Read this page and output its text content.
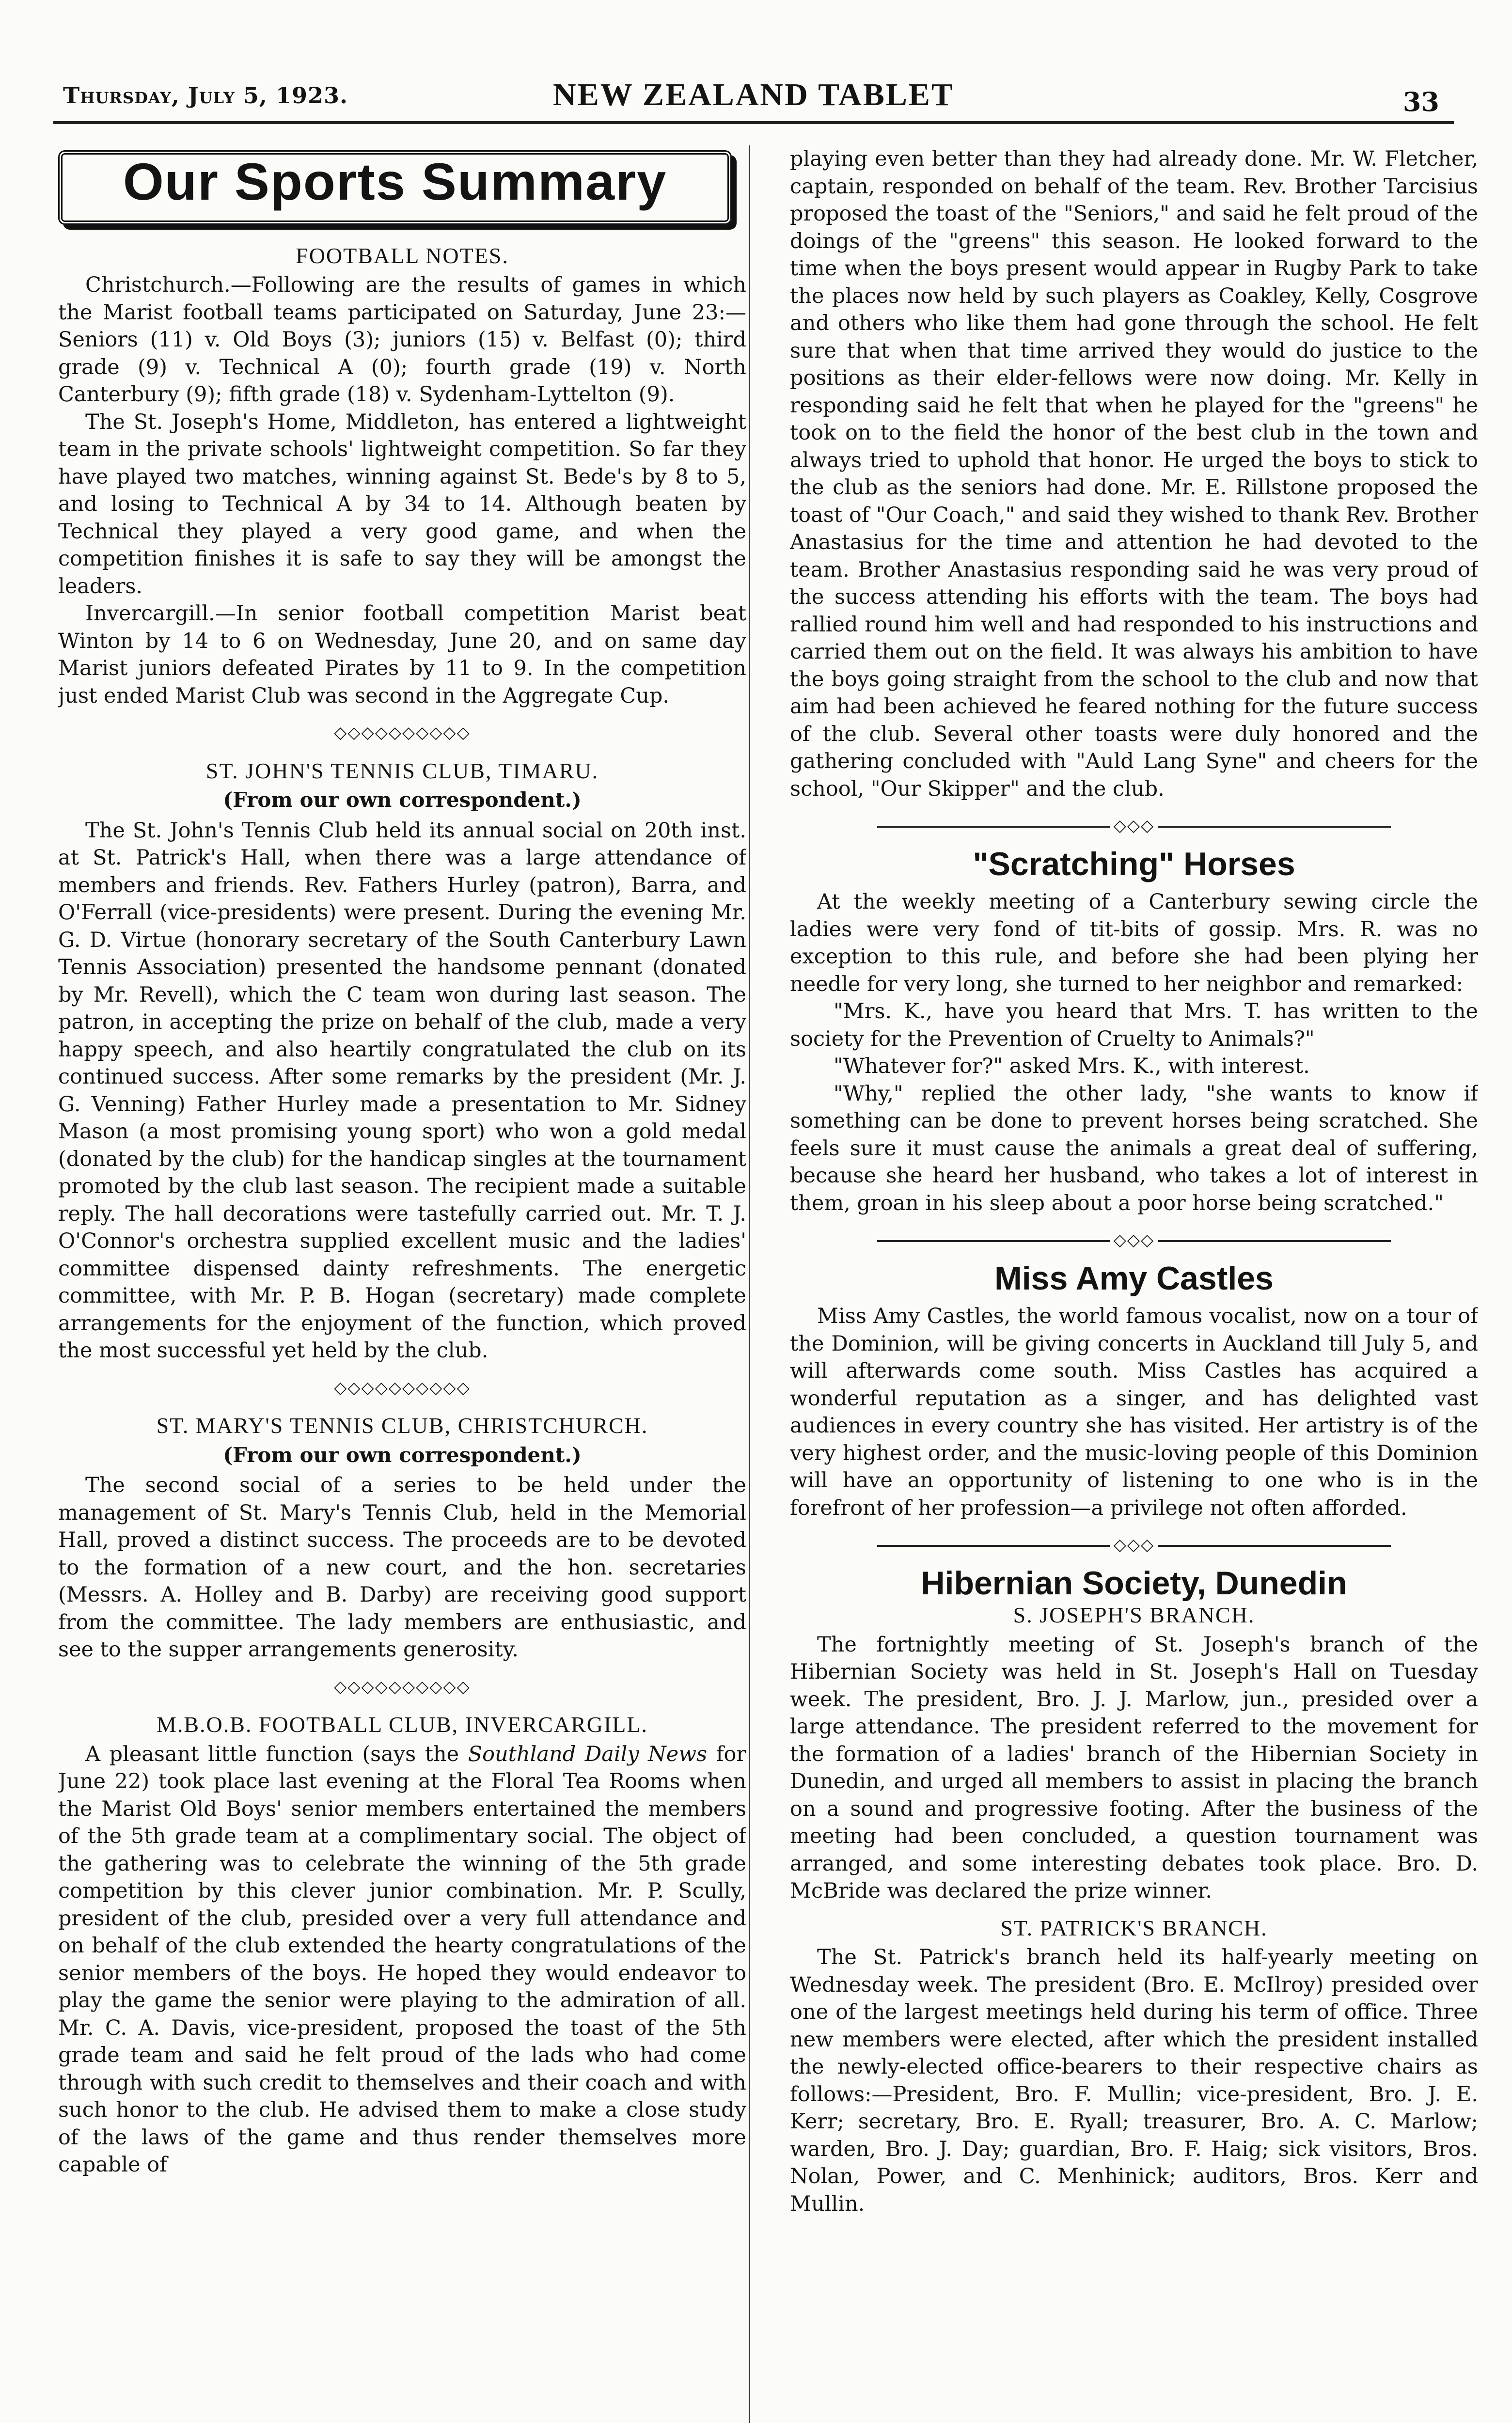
Thursday, July 5, 1923.	NEW ZEALAND TABLET	33
Our Sports Summary
FOOTBALL NOTES.

Christchurch.—Following are the results of games in which the Marist football teams participated on Saturday, June 23:—Seniors (11) v. Old Boys (3); juniors (15) v. Belfast (0); third grade (9) v. Technical A (0); fourth grade (19) v. North Canterbury (9); fifth grade (18) v. Sydenham-Lyttelton (9).

The St. Joseph's Home, Middleton, has entered a lightweight team in the private schools' lightweight competition. So far they have played two matches, winning against St. Bede's by 8 to 5, and losing to Technical A by 34 to 14. Although beaten by Technical they played a very good game, and when the competition finishes it is safe to say they will be amongst the leaders.

Invercargill.—In senior football competition Marist beat Winton by 14 to 6 on Wednesday, June 20, and on same day Marist juniors defeated Pirates by 11 to 9. In the competition just ended Marist Club was second in the Aggregate Cup.

◇◇◇◇◇◇◇◇◇◇
ST. JOHN'S TENNIS CLUB, TIMARU.
(From our own correspondent.)

The St. John's Tennis Club held its annual social on 20th inst. at St. Patrick's Hall, when there was a large attendance of members and friends. Rev. Fathers Hurley (patron), Barra, and O'Ferrall (vice-presidents) were present. During the evening Mr. G. D. Virtue (honorary secretary of the South Canterbury Lawn Tennis Association) presented the handsome pennant (donated by Mr. Revell), which the C team won during last season. The patron, in accepting the prize on behalf of the club, made a very happy speech, and also heartily congratulated the club on its continued success. After some remarks by the president (Mr. J. G. Venning) Father Hurley made a presentation to Mr. Sidney Mason (a most promising young sport) who won a gold medal (donated by the club) for the handicap singles at the tournament promoted by the club last season. The recipient made a suitable reply. The hall decorations were tastefully carried out. Mr. T. J. O'Connor's orchestra supplied excellent music and the ladies' committee dispensed dainty refreshments. The energetic committee, with Mr. P. B. Hogan (secretary) made complete arrangements for the enjoyment of the function, which proved the most successful yet held by the club.

◇◇◇◇◇◇◇◇◇◇
ST. MARY'S TENNIS CLUB, CHRISTCHURCH.
(From our own correspondent.)

The second social of a series to be held under the management of St. Mary's Tennis Club, held in the Memorial Hall, proved a distinct success. The proceeds are to be devoted to the formation of a new court, and the hon. secretaries (Messrs. A. Holley and B. Darby) are receiving good support from the committee. The lady members are enthusiastic, and see to the supper arrangements generosity.

◇◇◇◇◇◇◇◇◇◇
M.B.O.B. FOOTBALL CLUB, INVERCARGILL.

A pleasant little function (says the Southland Daily News for June 22) took place last evening at the Floral Tea Rooms when the Marist Old Boys' senior members entertained the members of the 5th grade team at a complimentary social. The object of the gathering was to celebrate the winning of the 5th grade competition by this clever junior combination. Mr. P. Scully, president of the club, presided over a very full attendance and on behalf of the club extended the hearty congratulations of the senior members of the boys. He hoped they would endeavor to play the game the senior were playing to the admiration of all. Mr. C. A. Davis, vice-president, proposed the toast of the 5th grade team and said he felt proud of the lads who had come through with such credit to themselves and their coach and with such honor to the club. He advised them to make a close study of the laws of the game and thus render themselves more capable of

playing even better than they had already done. Mr. W. Fletcher, captain, responded on behalf of the team. Rev. Brother Tarcisius proposed the toast of the "Seniors," and said he felt proud of the doings of the "greens" this season. He looked forward to the time when the boys present would appear in Rugby Park to take the places now held by such players as Coakley, Kelly, Cosgrove and others who like them had gone through the school. He felt sure that when that time arrived they would do justice to the positions as their elder-fellows were now doing. Mr. Kelly in responding said he felt that when he played for the "greens" he took on to the field the honor of the best club in the town and always tried to uphold that honor. He urged the boys to stick to the club as the seniors had done. Mr. E. Rillstone proposed the toast of "Our Coach," and said they wished to thank Rev. Brother Anastasius for the time and attention he had devoted to the team. Brother Anastasius responding said he was very proud of the success attending his efforts with the team. The boys had rallied round him well and had responded to his instructions and carried them out on the field. It was always his ambition to have the boys going straight from the school to the club and now that aim had been achieved he feared nothing for the future success of the club. Several other toasts were duly honored and the gathering concluded with "Auld Lang Syne" and cheers for the school, "Our Skipper" and the club.

◇◇◇
"Scratching" Horses

At the weekly meeting of a Canterbury sewing circle the ladies were very fond of tit-bits of gossip. Mrs. R. was no exception to this rule, and before she had been plying her needle for very long, she turned to her neighbor and remarked:

"Mrs. K., have you heard that Mrs. T. has written to the society for the Prevention of Cruelty to Animals?"

"Whatever for?" asked Mrs. K., with interest.

"Why," replied the other lady, "she wants to know if something can be done to prevent horses being scratched. She feels sure it must cause the animals a great deal of suffering, because she heard her husband, who takes a lot of interest in them, groan in his sleep about a poor horse being scratched."

◇◇◇
Miss Amy Castles

Miss Amy Castles, the world famous vocalist, now on a tour of the Dominion, will be giving concerts in Auckland till July 5, and will afterwards come south. Miss Castles has acquired a wonderful reputation as a singer, and has delighted vast audiences in every country she has visited. Her artistry is of the very highest order, and the music-loving people of this Dominion will have an opportunity of listening to one who is in the forefront of her profession—a privilege not often afforded.

◇◇◇
Hibernian Society, Dunedin
S. JOSEPH'S BRANCH.

The fortnightly meeting of St. Joseph's branch of the Hibernian Society was held in St. Joseph's Hall on Tuesday week. The president, Bro. J. J. Marlow, jun., presided over a large attendance. The president referred to the movement for the formation of a ladies' branch of the Hibernian Society in Dunedin, and urged all members to assist in placing the branch on a sound and progressive footing. After the business of the meeting had been concluded, a question tournament was arranged, and some interesting debates took place. Bro. D. McBride was declared the prize winner.

ST. PATRICK'S BRANCH.

The St. Patrick's branch held its half-yearly meeting on Wednesday week. The president (Bro. E. McIlroy) presided over one of the largest meetings held during his term of office. Three new members were elected, after which the president installed the newly-elected office-bearers to their respective chairs as follows:—President, Bro. F. Mullin; vice-president, Bro. J. E. Kerr; secretary, Bro. E. Ryall; treasurer, Bro. A. C. Marlow; warden, Bro. J. Day; guardian, Bro. F. Haig; sick visitors, Bros. Nolan, Power, and C. Menhinick; auditors, Bros. Kerr and Mullin.
